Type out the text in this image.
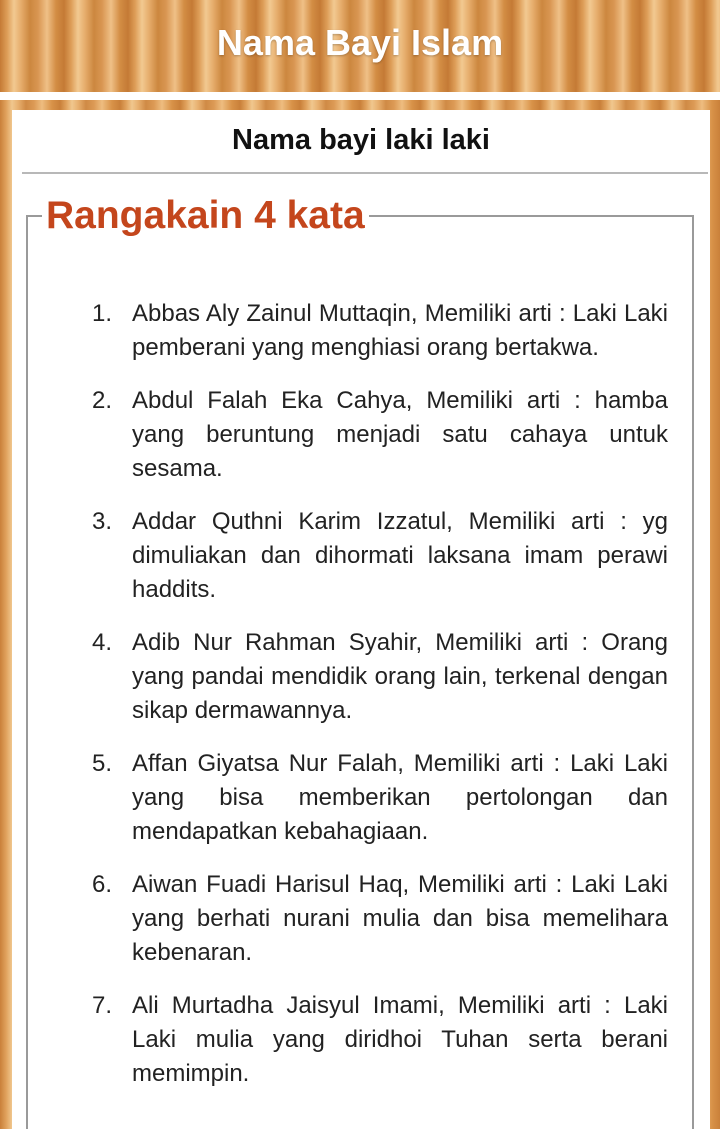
Nama Bayi Islam
Nama bayi laki laki
Rangakain 4 kata
1. Abbas Aly Zainul Muttaqin, Memiliki arti : Laki Laki pemberani yang menghiasi orang bertakwa.
2. Abdul Falah Eka Cahya, Memiliki arti : hamba yang beruntung menjadi satu cahaya untuk sesama.
3. Addar Quthni Karim Izzatul, Memiliki arti : yg dimuliakan dan dihormati laksana imam perawi haddits.
4. Adib Nur Rahman Syahir, Memiliki arti : Orang yang pandai mendidik orang lain, terkenal dengan sikap dermawannya.
5. Affan Giyatsa Nur Falah, Memiliki arti : Laki Laki yang bisa memberikan pertolongan dan mendapatkan kebahagiaan.
6. Aiwan Fuadi Harisul Haq, Memiliki arti : Laki Laki yang berhati nurani mulia dan bisa memelihara kebenaran.
7. Ali Murtadha Jaisyul Imami, Memiliki arti : Laki Laki mulia yang diridhoi Tuhan serta berani memimpin.
